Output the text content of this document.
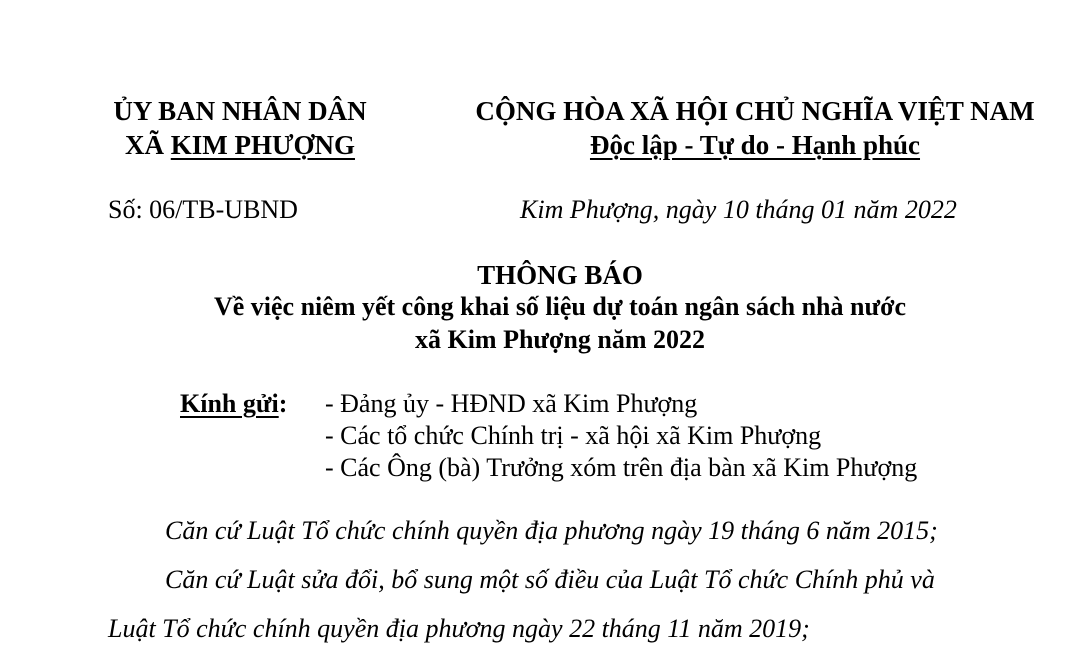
ỦY BAN NHÂN DÂN
XÃ KIM PHƯỢNG
CỘNG HÒA XÃ HỘI CHỦ NGHĨA VIỆT NAM
Độc lập - Tự do - Hạnh phúc
Số: 06/TB-UBND	Kim Phượng, ngày 10 tháng 01 năm 2022
THÔNG BÁO
Về việc niêm yết công khai số liệu dự toán ngân sách nhà nước
xã Kim Phượng năm 2022
Kính gửi: - Đảng ủy - HĐND xã Kim Phượng
- Các tổ chức Chính trị - xã hội xã Kim Phượng
- Các Ông (bà) Trưởng xóm trên địa bàn xã Kim Phượng
Căn cứ Luật Tổ chức chính quyền địa phương ngày 19 tháng 6 năm 2015;
Căn cứ Luật sửa đổi, bổ sung một số điều của Luật Tổ chức Chính phủ và
Luật Tổ chức chính quyền địa phương ngày 22 tháng 11 năm 2019;
